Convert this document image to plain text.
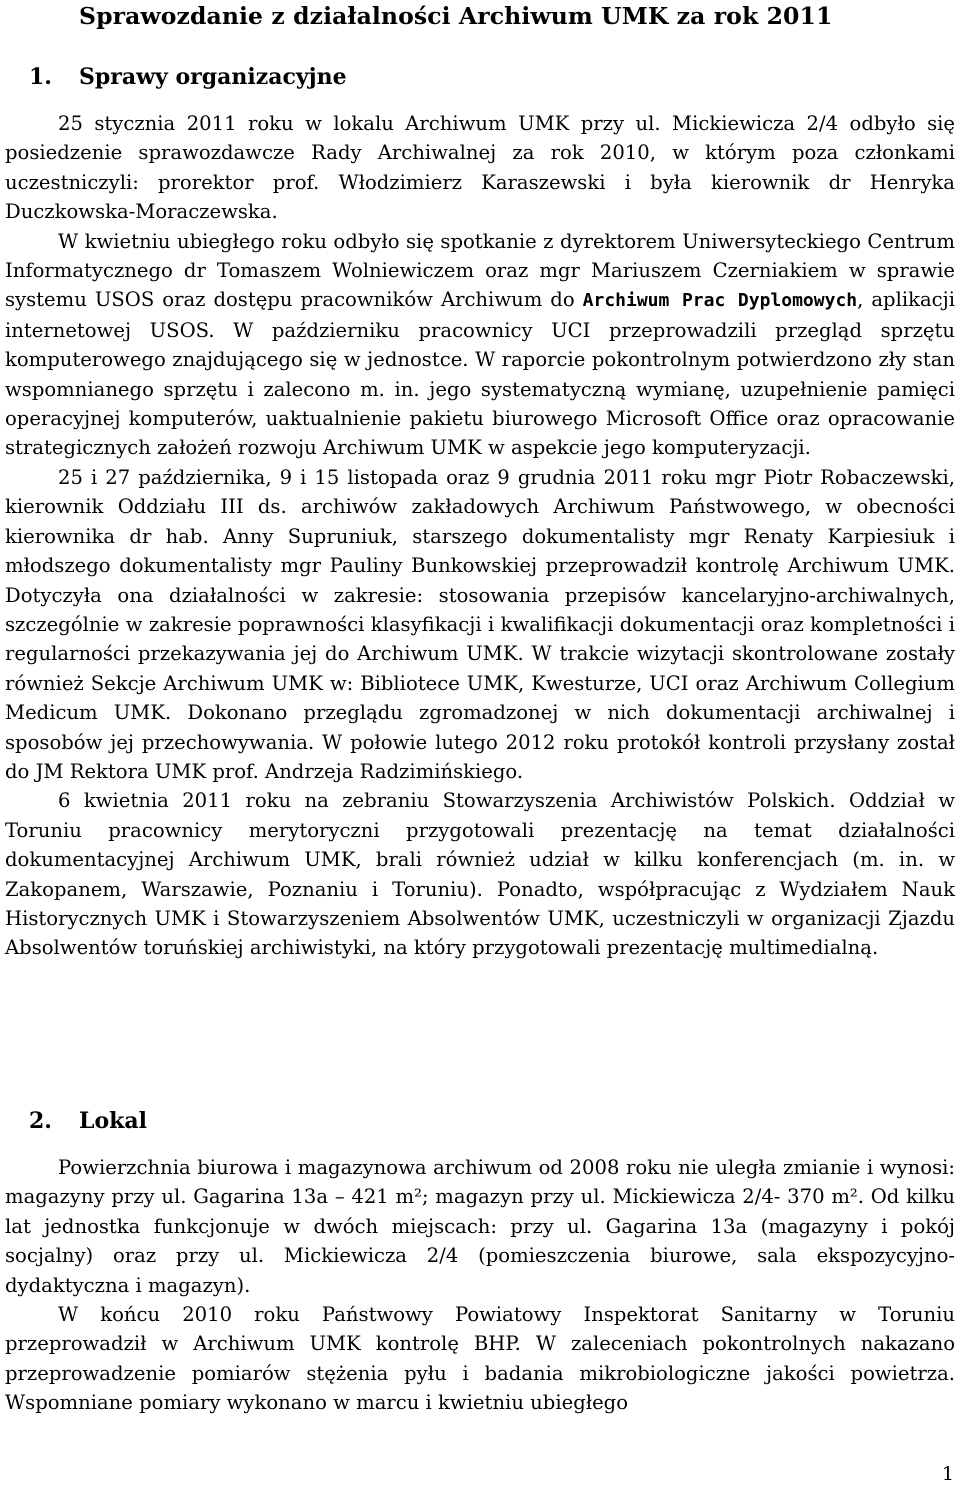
Sprawozdanie z działalności Archiwum UMK za rok 2011
1. Sprawy organizacyjne

25 stycznia 2011 roku w lokalu Archiwum UMK przy ul. Mickiewicza 2/4 odbyło się posiedzenie sprawozdawcze Rady Archiwalnej za rok 2010, w którym poza członkami uczestniczyli: prorektor prof. Włodzimierz Karaszewski i była kierownik dr Henryka Duczkowska-Moraczewska.

W kwietniu ubiegłego roku odbyło się spotkanie z dyrektorem Uniwersyteckiego Centrum Informatycznego dr Tomaszem Wolniewiczem oraz mgr Mariuszem Czerniakiem w sprawie systemu USOS oraz dostępu pracowników Archiwum do Archiwum Prac Dyplomowych, aplikacji internetowej USOS. W październiku pracownicy UCI przeprowadzili przegląd sprzętu komputerowego znajdującego się w jednostce. W raporcie pokontrolnym potwierdzono zły stan wspomnianego sprzętu i zalecono m. in. jego systematyczną wymianę, uzupełnienie pamięci operacyjnej komputerów, uaktualnienie pakietu biurowego Microsoft Office oraz opracowanie strategicznych założeń rozwoju Archiwum UMK w aspekcie jego komputeryzacji.

25 i 27 października, 9 i 15 listopada oraz 9 grudnia 2011 roku mgr Piotr Robaczewski, kierownik Oddziału III ds. archiwów zakładowych Archiwum Państwowego, w obecności kierownika dr hab. Anny Supruniuk, starszego dokumentalisty mgr Renaty Karpiesiuk i młodszego dokumentalisty mgr Pauliny Bunkowskiej przeprowadził kontrolę Archiwum UMK. Dotyczyła ona działalności w zakresie: stosowania przepisów kancelaryjno-archiwalnych, szczególnie w zakresie poprawności klasyfikacji i kwalifikacji dokumentacji oraz kompletności i regularności przekazywania jej do Archiwum UMK. W trakcie wizytacji skontrolowane zostały również Sekcje Archiwum UMK w: Bibliotece UMK, Kwesturze, UCI oraz Archiwum Collegium Medicum UMK. Dokonano przeglądu zgromadzonej w nich dokumentacji archiwalnej i sposobów jej przechowywania. W połowie lutego 2012 roku protokół kontroli przysłany został do JM Rektora UMK prof. Andrzeja Radzimińskiego.

6 kwietnia 2011 roku na zebraniu Stowarzyszenia Archiwistów Polskich. Oddział w Toruniu pracownicy merytoryczni przygotowali prezentację na temat działalności dokumentacyjnej Archiwum UMK, brali również udział w kilku konferencjach (m. in. w Zakopanem, Warszawie, Poznaniu i Toruniu). Ponadto, współpracując z Wydziałem Nauk Historycznych UMK i Stowarzyszeniem Absolwentów UMK, uczestniczyli w organizacji Zjazdu Absolwentów toruńskiej archiwistyki, na który przygotowali prezentację multimedialną.

2. Lokal

Powierzchnia biurowa i magazynowa archiwum od 2008 roku nie uległa zmianie i wynosi: magazyny przy ul. Gagarina 13a – 421 m²; magazyn przy ul. Mickiewicza 2/4- 370 m². Od kilku lat jednostka funkcjonuje w dwóch miejscach: przy ul. Gagarina 13a (magazyny i pokój socjalny) oraz przy ul. Mickiewicza 2/4 (pomieszczenia biurowe, sala ekspozycyjno-dydaktyczna i magazyn).

W końcu 2010 roku Państwowy Powiatowy Inspektorat Sanitarny w Toruniu przeprowadził w Archiwum UMK kontrolę BHP. W zaleceniach pokontrolnych nakazano przeprowadzenie pomiarów stężenia pyłu i badania mikrobiologiczne jakości powietrza. Wspomniane pomiary wykonano w marcu i kwietniu ubiegłego

1
